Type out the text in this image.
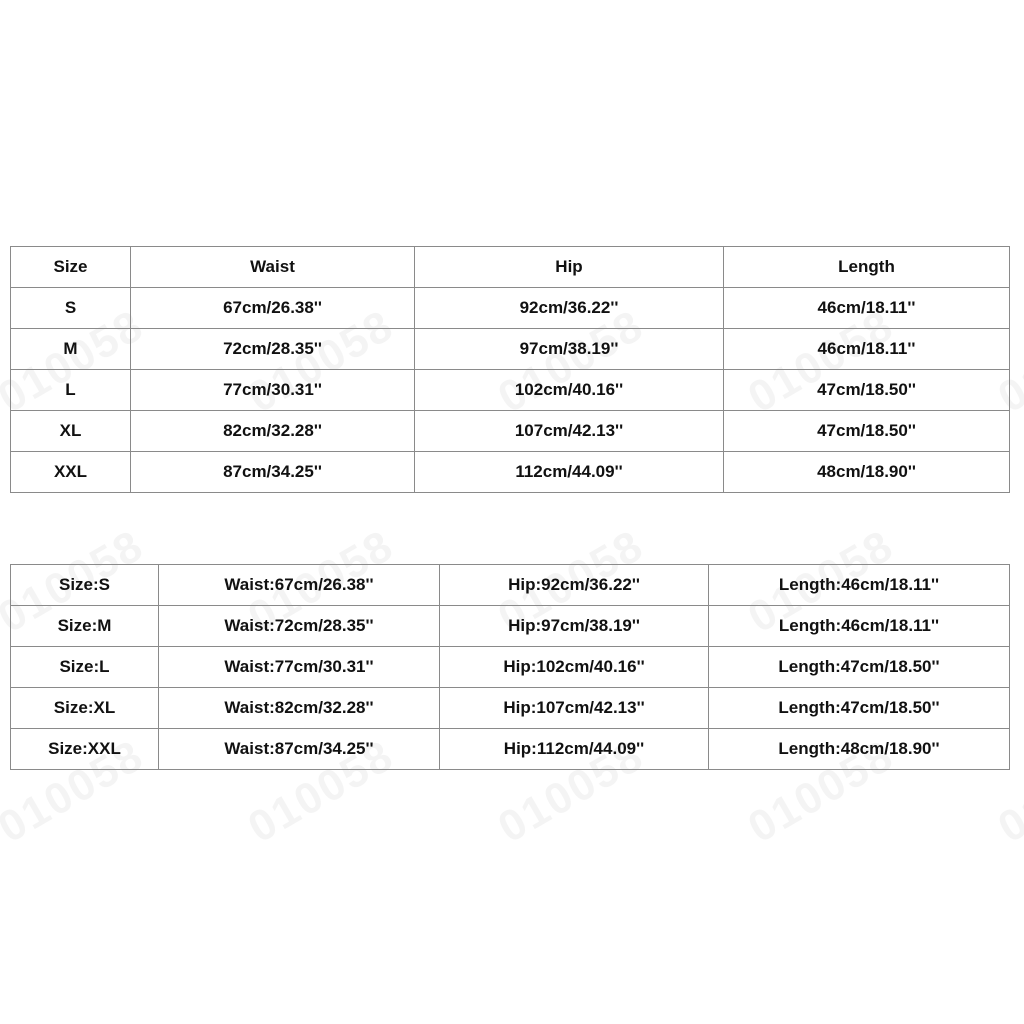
Size	Waist	Hip	Length
S	67cm/26.38''	92cm/36.22''	46cm/18.11''
M	72cm/28.35''	97cm/38.19''	46cm/18.11''
L	77cm/30.31''	102cm/40.16''	47cm/18.50''
XL	82cm/32.28''	107cm/42.13''	47cm/18.50''
XXL	87cm/34.25''	112cm/44.09''	48cm/18.90''
Size:S	Waist:67cm/26.38''	Hip:92cm/36.22''	Length:46cm/18.11''
Size:M	Waist:72cm/28.35''	Hip:97cm/38.19''	Length:46cm/18.11''
Size:L	Waist:77cm/30.31''	Hip:102cm/40.16''	Length:47cm/18.50''
Size:XL	Waist:82cm/32.28''	Hip:107cm/42.13''	Length:47cm/18.50''
Size:XXL	Waist:87cm/34.25''	Hip:112cm/44.09''	Length:48cm/18.90''
